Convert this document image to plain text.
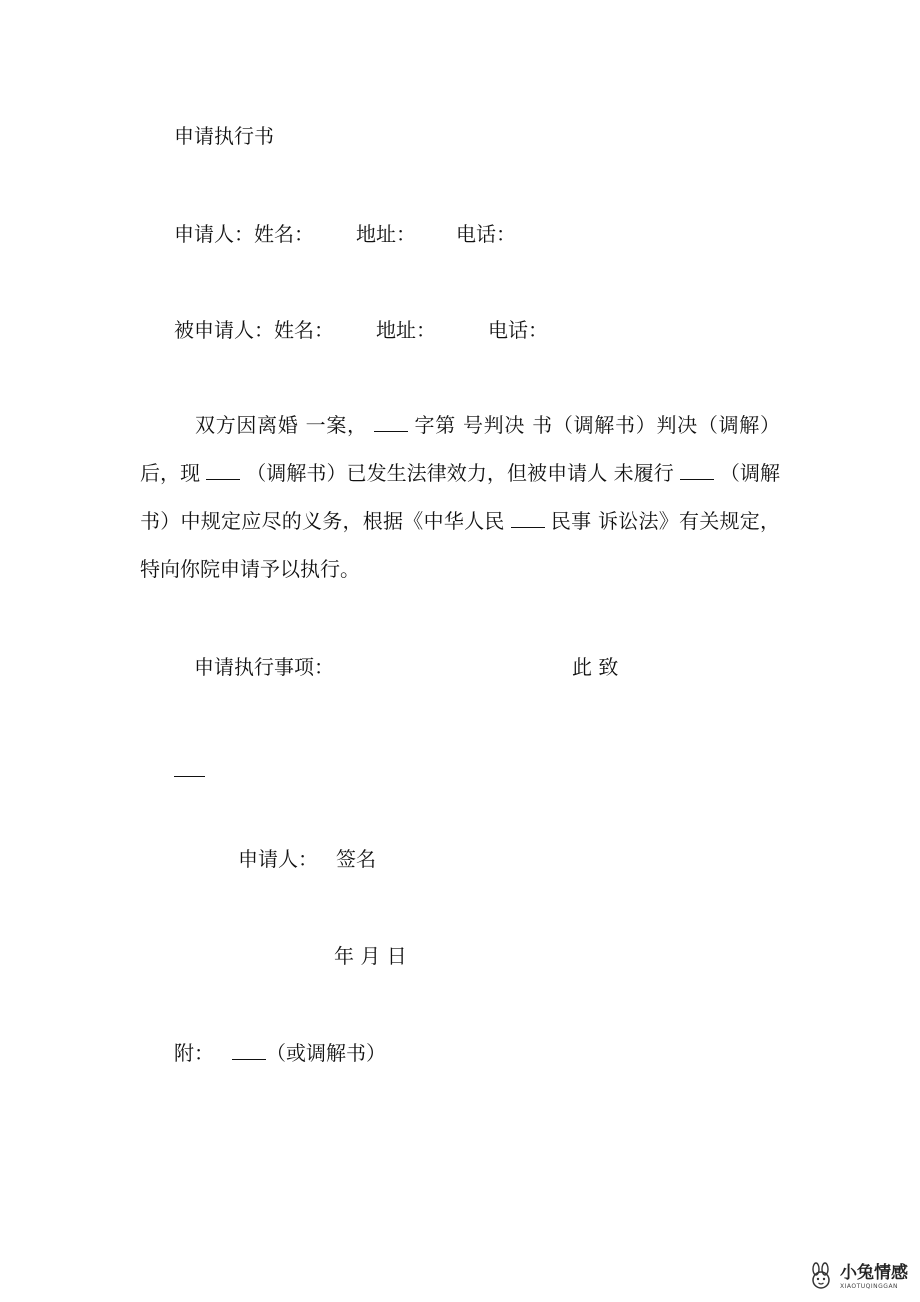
申请执行书
申请人：姓名： 地址： 电话：
被申请人：姓名： 地址：	电话：
双方因离婚 一案， 字第 号判决 书（调解书）判决（调解）后，现 （调解书）已发生法律效力，但被申请人 未履行 （调解书）中规定应尽的义务，根据《中华人民 民事 诉讼法》有关规定，特向你院申请予以执行。
申请执行事项：	此 致
申请人： 签名
年 月 日
附：	（或调解书）
小兔情感
XIAOTUQINGGAN
